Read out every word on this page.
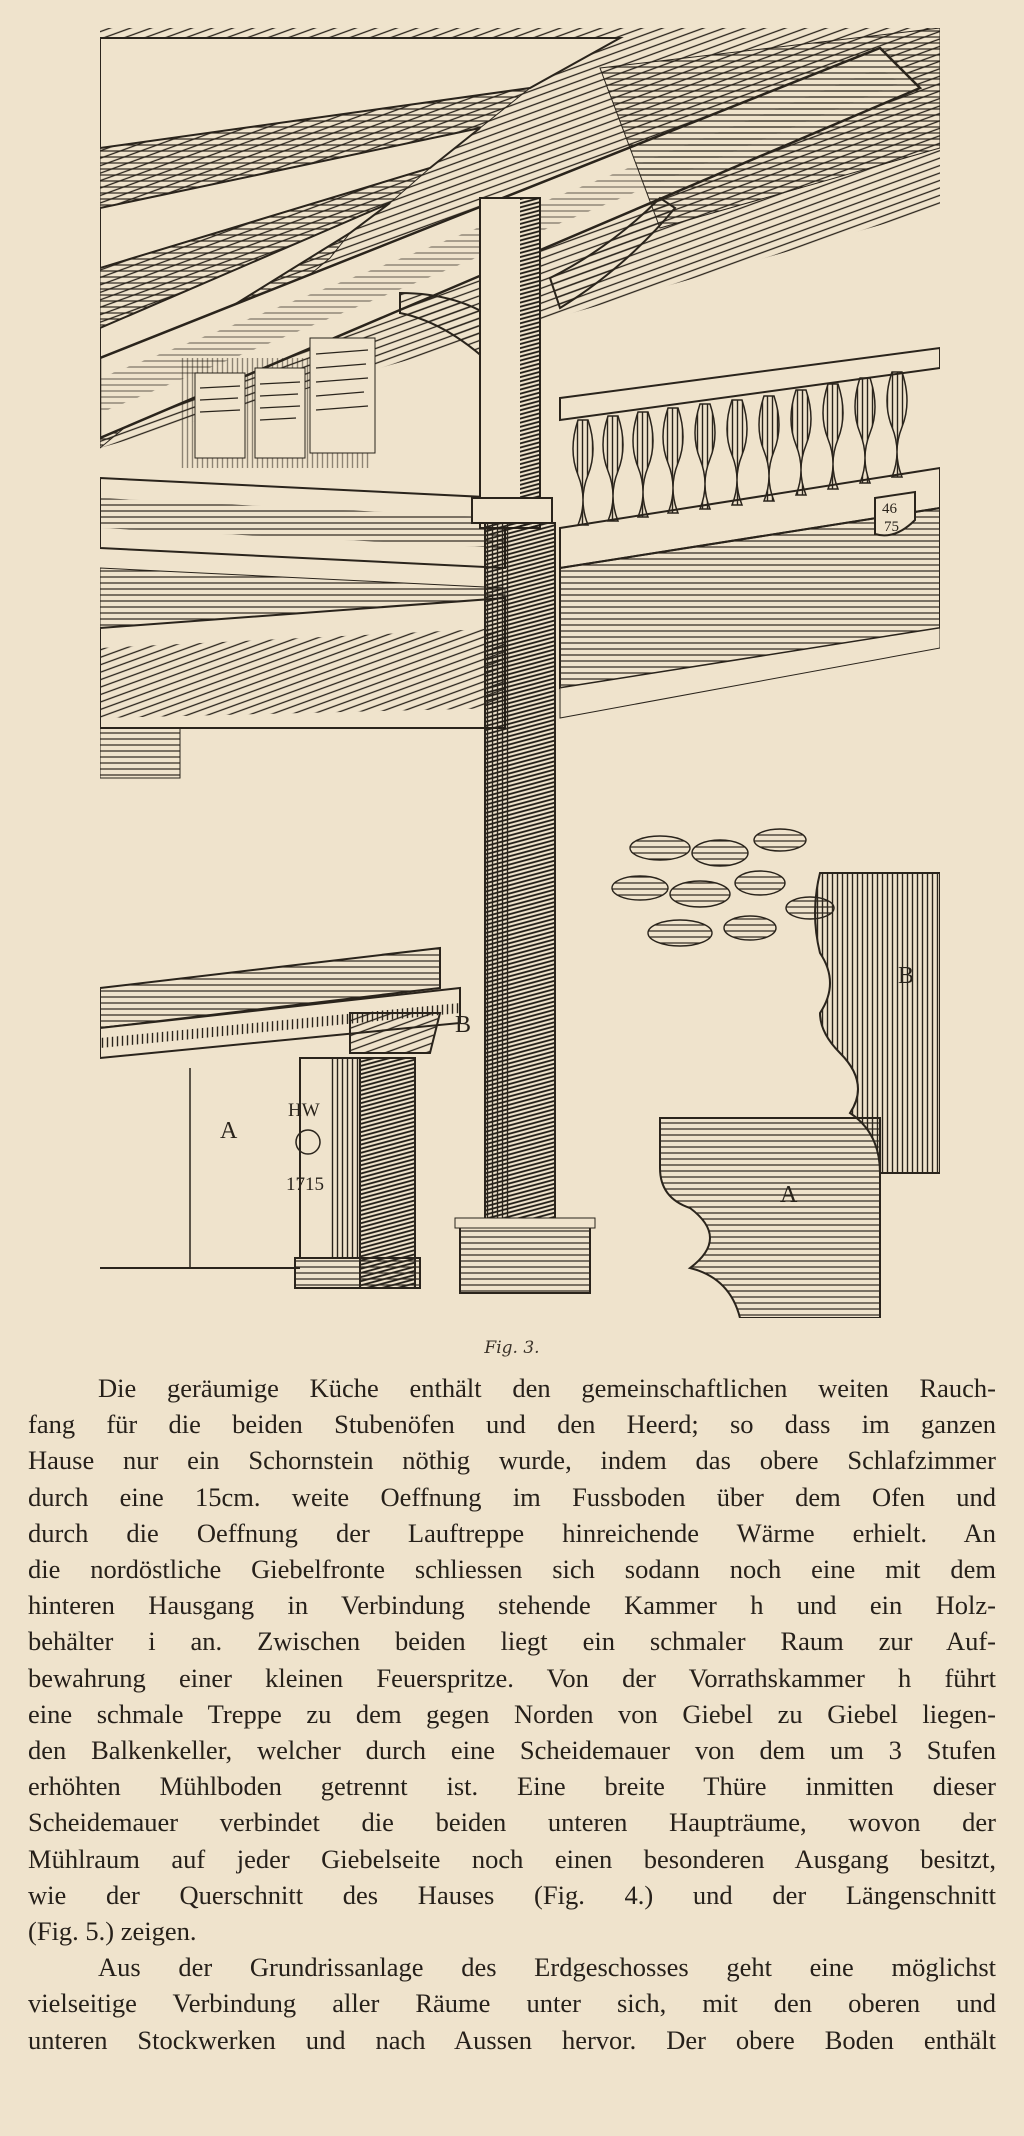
46
75
HW
1715
B
A
B
A
Fig. 3.

Die geräumige Küche enthält den gemeinschaftlichen weiten Rauch-
fang für die beiden Stubenöfen und den Heerd; so dass im ganzen
Hause nur ein Schornstein nöthig wurde, indem das obere Schlafzimmer
durch eine 15cm. weite Oeffnung im Fussboden über dem Ofen und
durch die Oeffnung der Lauftreppe hinreichende Wärme erhielt. An
die nordöstliche Giebelfronte schliessen sich sodann noch eine mit dem
hinteren Hausgang in Verbindung stehende Kammer h und ein Holz-
behälter i an. Zwischen beiden liegt ein schmaler Raum zur Auf-
bewahrung einer kleinen Feuerspritze. Von der Vorrathskammer h führt
eine schmale Treppe zu dem gegen Norden von Giebel zu Giebel liegen-
den Balkenkeller, welcher durch eine Scheidemauer von dem um 3 Stufen
erhöhten Mühlboden getrennt ist. Eine breite Thüre inmitten dieser
Scheidemauer verbindet die beiden unteren Haupträume, wovon der
Mühlraum auf jeder Giebelseite noch einen besonderen Ausgang besitzt,
wie der Querschnitt des Hauses (Fig. 4.) und der Längenschnitt
(Fig. 5.) zeigen.

Aus der Grundrissanlage des Erdgeschosses geht eine möglichst
vielseitige Verbindung aller Räume unter sich, mit den oberen und
unteren Stockwerken und nach Aussen hervor. Der obere Boden enthält
